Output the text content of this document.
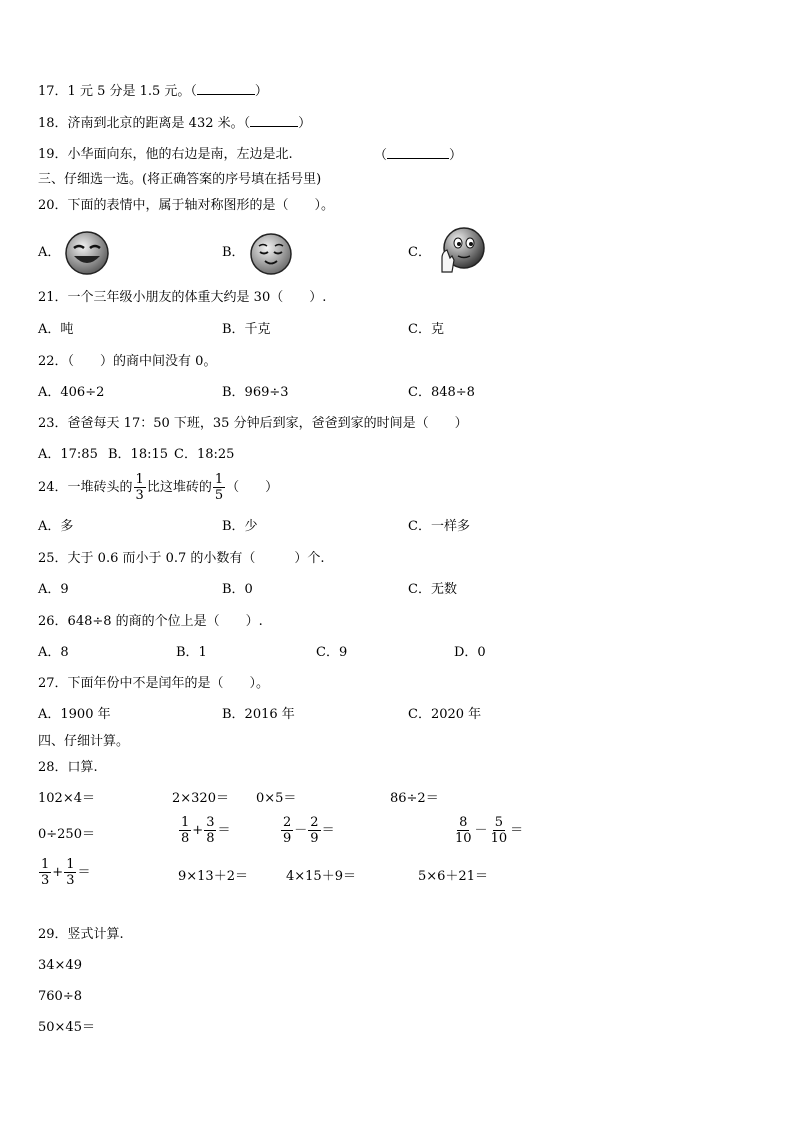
17．1 元 5 分是 1.5 元。（	）
18．济南到北京的距离是 432 米。（	）
19．小华面向东，他的右边是南，左边是北.	（	）
三、仔细选一选。(将正确答案的序号填在括号里)
20．下面的表情中，属于轴对称图形的是（　　）。
A．	B．	C．
21．一个三年级小朋友的体重大约是 30（　　）.
A．吨	B．千克	C．克
22．（　　）的商中间没有 0。
A．406÷2	B．969÷3	C．848÷8
23．爸爸每天 17：50 下班，35 分钟后到家，爸爸到家的时间是（　　）
A．17:85 B．18:15 C．18:25
24．一堆砖头的 $\frac{1}{3}$ 比这堆砖的 $\frac{1}{5}$ （　　）
A．多	B．少	C．一样多
25．大于 0.6 而小于 0.7 的小数有（　　　）个.
A．9	B．0	C．无数
26．648÷8 的商的个位上是（　　）.
A．8	B．1	C．9	D．0
27．下面年份中不是闰年的是（　　）。
A．1900 年	B．2016 年	C．2020 年
四、仔细计算。
28．口算.
102×4＝	2×320＝ 0×5＝	86÷2＝
0÷250＝	$\frac{1}{8} + \frac{3}{8}$ ＝	$\frac{2}{9} - \frac{2}{9}$ ＝	$\frac{8}{10} - \frac{5}{10}$ ＝
$\frac{1}{3} + \frac{1}{3}$ ＝	9×13＋2＝	4×15＋9＝	5×6＋21＝
29．竖式计算.
34×49
760÷8
50×45＝
